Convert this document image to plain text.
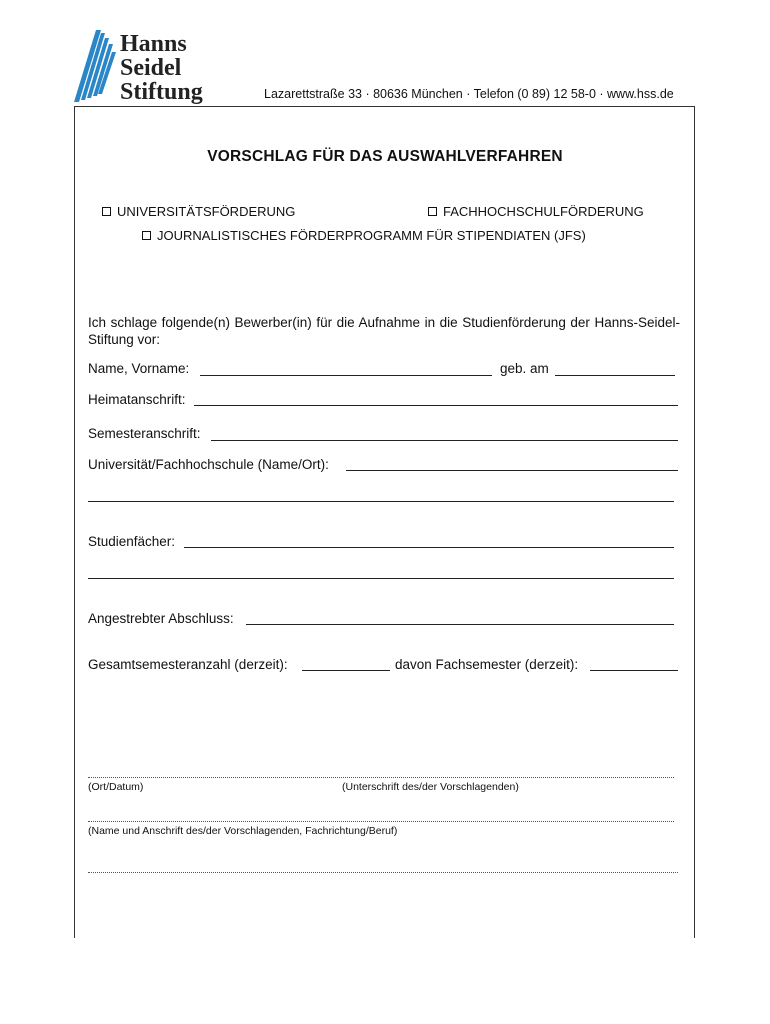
Hanns
Seidel
Stiftung	Lazarettstraße 33 · 80636 München · Telefon (0 89) 12 58-0 · www.hss.de
VORSCHLAG FÜR DAS AUSWAHLVERFAHREN
UNIVERSITÄTSFÖRDERUNG	FACHHOCHSCHULFÖRDERUNG
JOURNALISTISCHES FÖRDERPROGRAMM FÜR STIPENDIATEN (JFS)
Ich schlage folgende(n) Bewerber(in) für die Aufnahme in die Studienförderung der Hanns-Seidel-Stiftung vor:
Name, Vorname:	geb. am
Heimatanschrift:
Semesteranschrift:
Universität/Fachhochschule (Name/Ort):
Studienfächer:
Angestrebter Abschluss:
Gesamtsemesteranzahl (derzeit):	davon Fachsemester (derzeit):
(Ort/Datum)	(Unterschrift des/der Vorschlagenden)
(Name und Anschrift des/der Vorschlagenden, Fachrichtung/Beruf)
